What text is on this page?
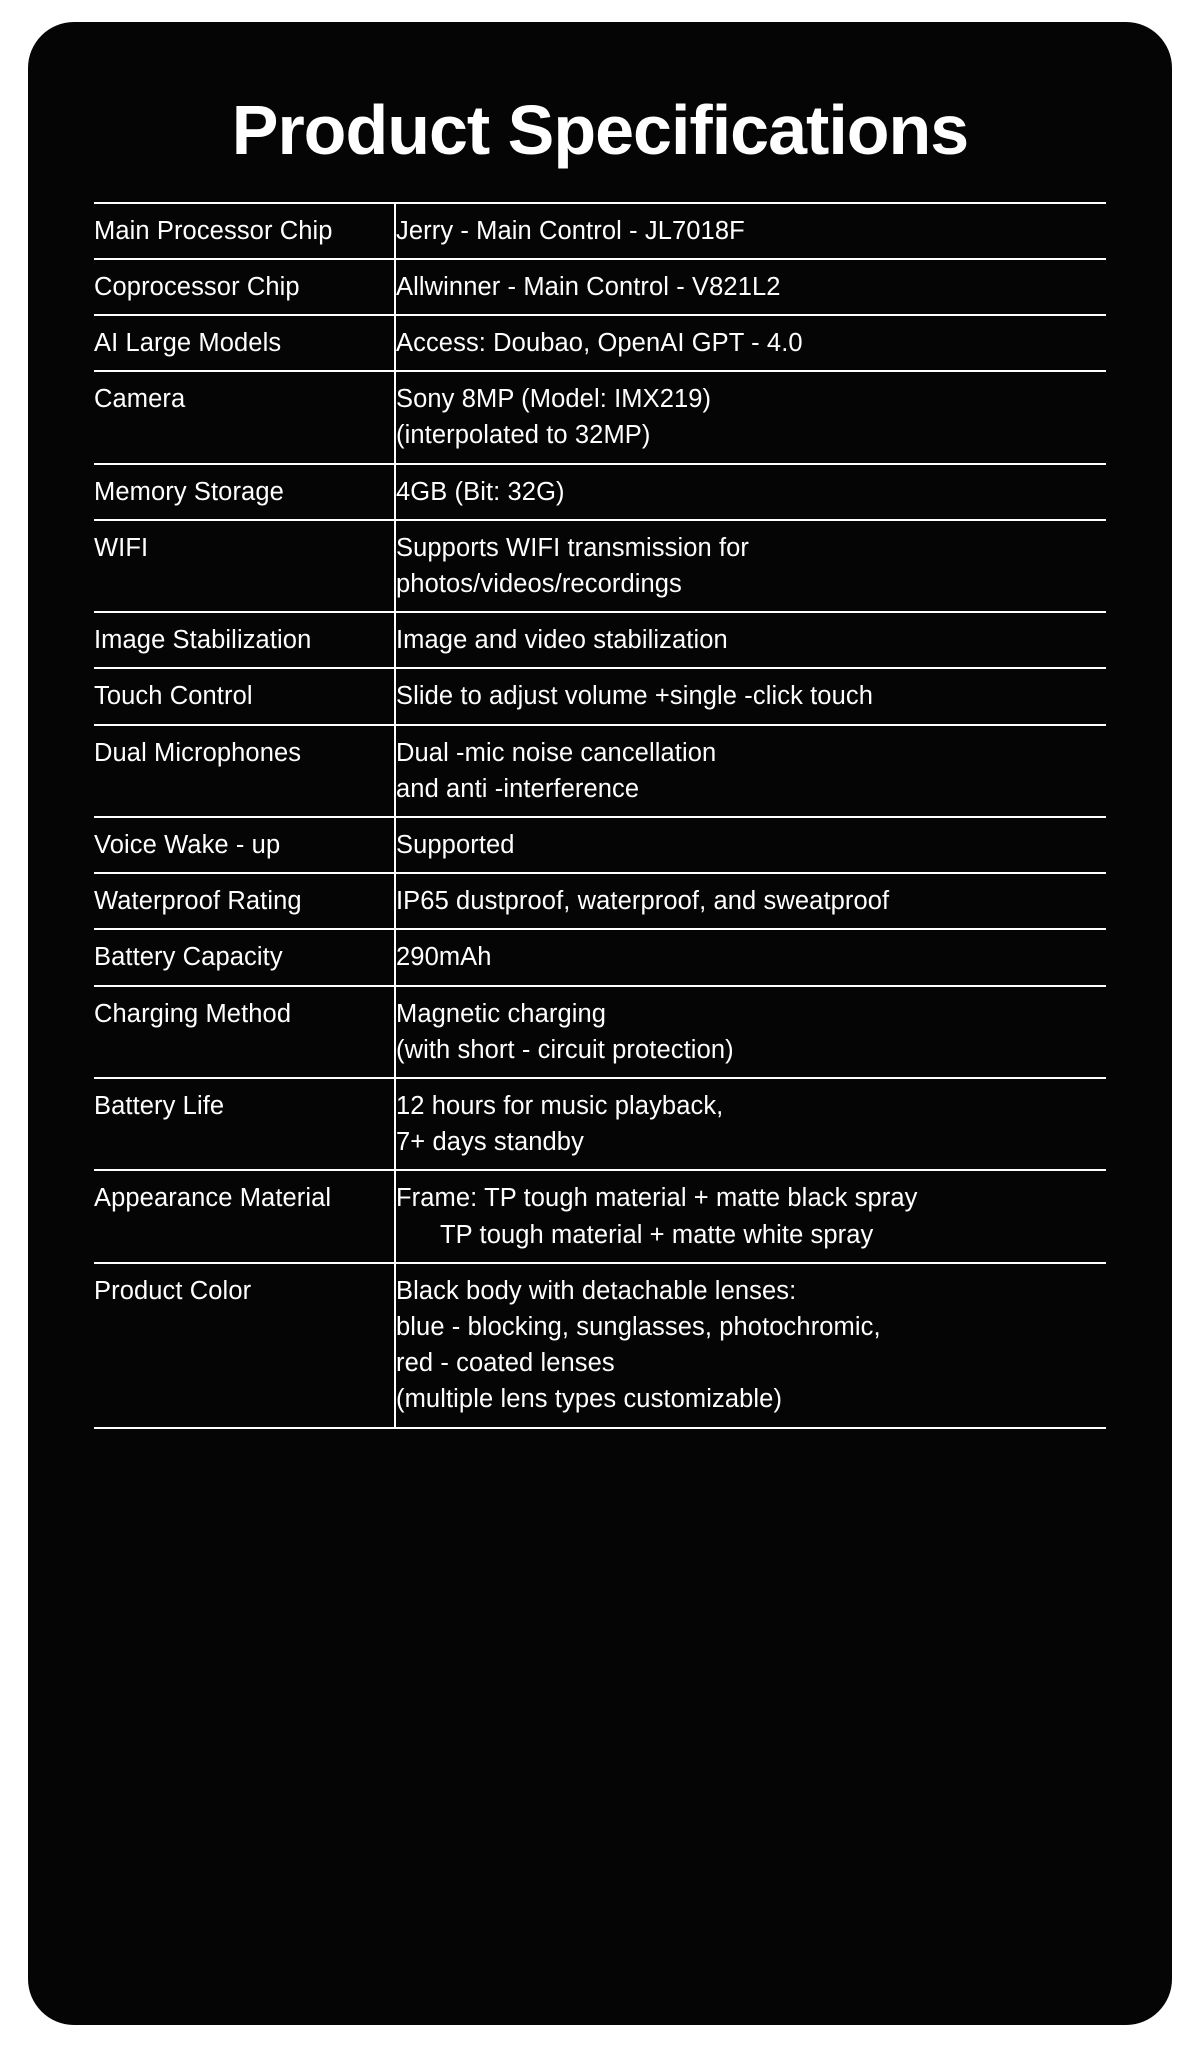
Product Specifications
Main Processor Chip	Jerry - Main Control - JL7018F

Coprocessor Chip	Allwinner - Main Control - V821L2

AI Large Models	Access: Doubao, OpenAI GPT - 4.0

Camera	Sony 8MP (Model: IMX219)
(interpolated to 32MP)

Memory Storage	4GB (Bit: 32G)

WIFI	Supports WIFI transmission for
photos/videos/recordings

Image Stabilization	Image and video stabilization

Touch Control	Slide to adjust volume +single -click touch

Dual Microphones	Dual -mic noise cancellation
and anti -interference

Voice Wake - up	Supported

Waterproof Rating	IP65 dustproof, waterproof, and sweatproof

Battery Capacity	290mAh

Charging Method	Magnetic charging
(with short - circuit protection)

Battery Life	12 hours for music playback,
7+ days standby

Appearance Material	Frame: TP tough material + matte black spray
TP tough material + matte white spray

Product Color	Black body with detachable lenses:
blue - blocking, sunglasses, photochromic,
red - coated lenses
(multiple lens types customizable)
